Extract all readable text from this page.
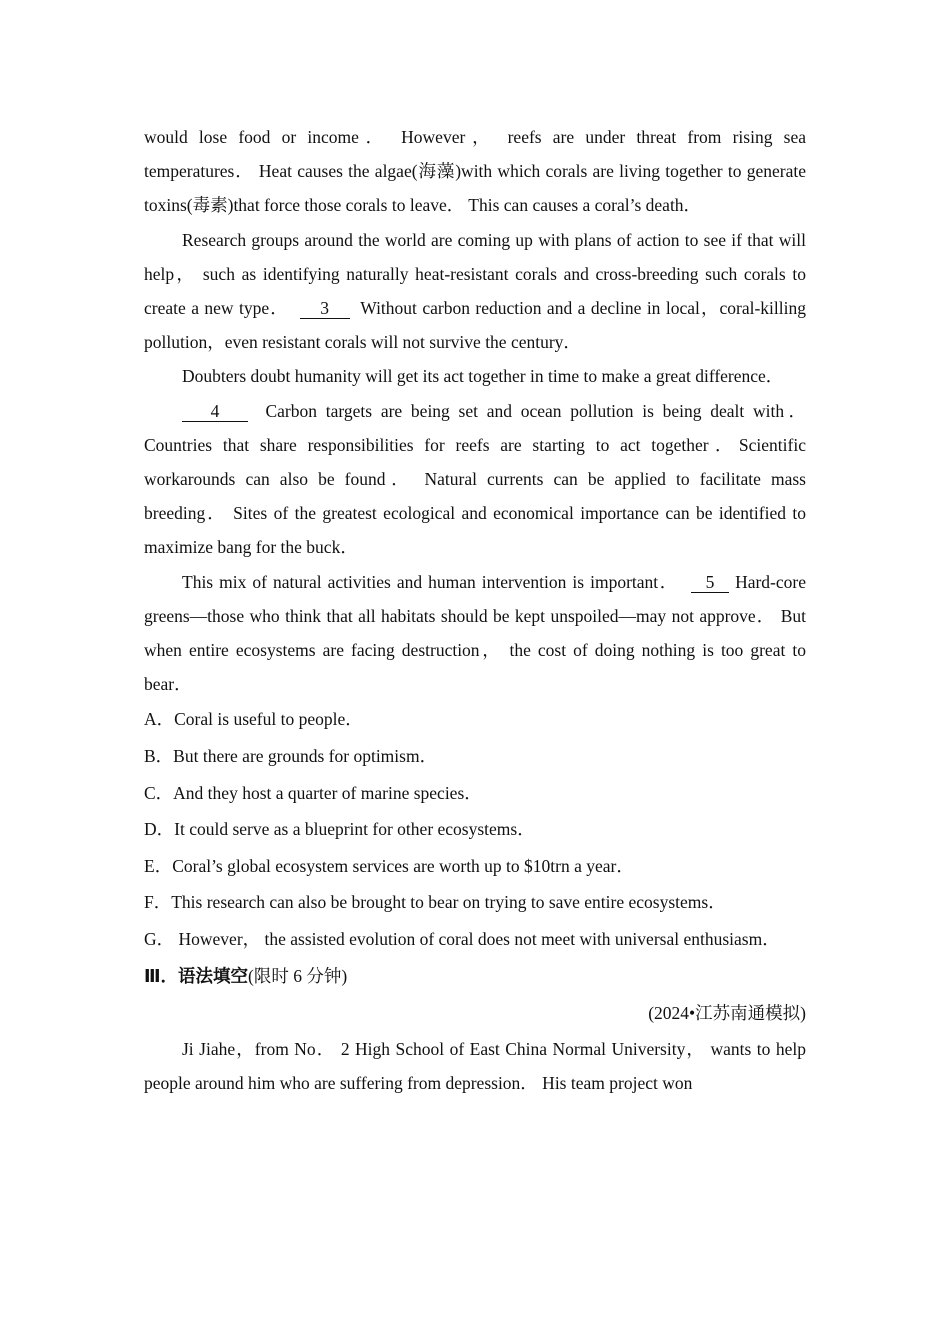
would lose food or income． However， reefs are under threat from rising sea temperatures． Heat causes the algae(海藻)with which corals are living together to generate toxins(毒素)that force those corals to leave． This can causes a coral’s death．

Research groups around the world are coming up with plans of action to see if that will help， such as identifying naturally heat-resistant corals and cross-breeding such corals to create a new type． 3 Without carbon reduction and a decline in local，coral-killing pollution，even resistant corals will not survive the century．

Doubters doubt humanity will get its act together in time to make a great difference．

4	Carbon targets are being set and ocean pollution is being dealt with． Countries that share responsibilities for reefs are starting to act together．Scientific workarounds can also be found． Natural currents can be applied to facilitate mass breeding． Sites of the greatest ecological and economical importance can be identified to maximize bang for the buck．

This mix of natural activities and human intervention is important． 5 Hard-core greens—those who think that all habitats should be kept unspoiled—may not approve． But when entire ecosystems are facing destruction， the cost of doing nothing is too great to bear．

A．Coral is useful to people．

B．But there are grounds for optimism．

C．And they host a quarter of marine species．

D．It could serve as a blueprint for other ecosystems．

E．Coral’s global ecosystem services are worth up to $10trn a year．

F．This research can also be brought to bear on trying to save entire ecosystems．

G． However， the assisted evolution of coral does not meet with universal enthusiasm．

Ⅲ．语法填空(限时 6 分钟)

(2024•江苏南通模拟)

Ji Jiahe，from No． 2 High School of East China Normal University， wants to help people around him who are suffering from depression． His team project won
